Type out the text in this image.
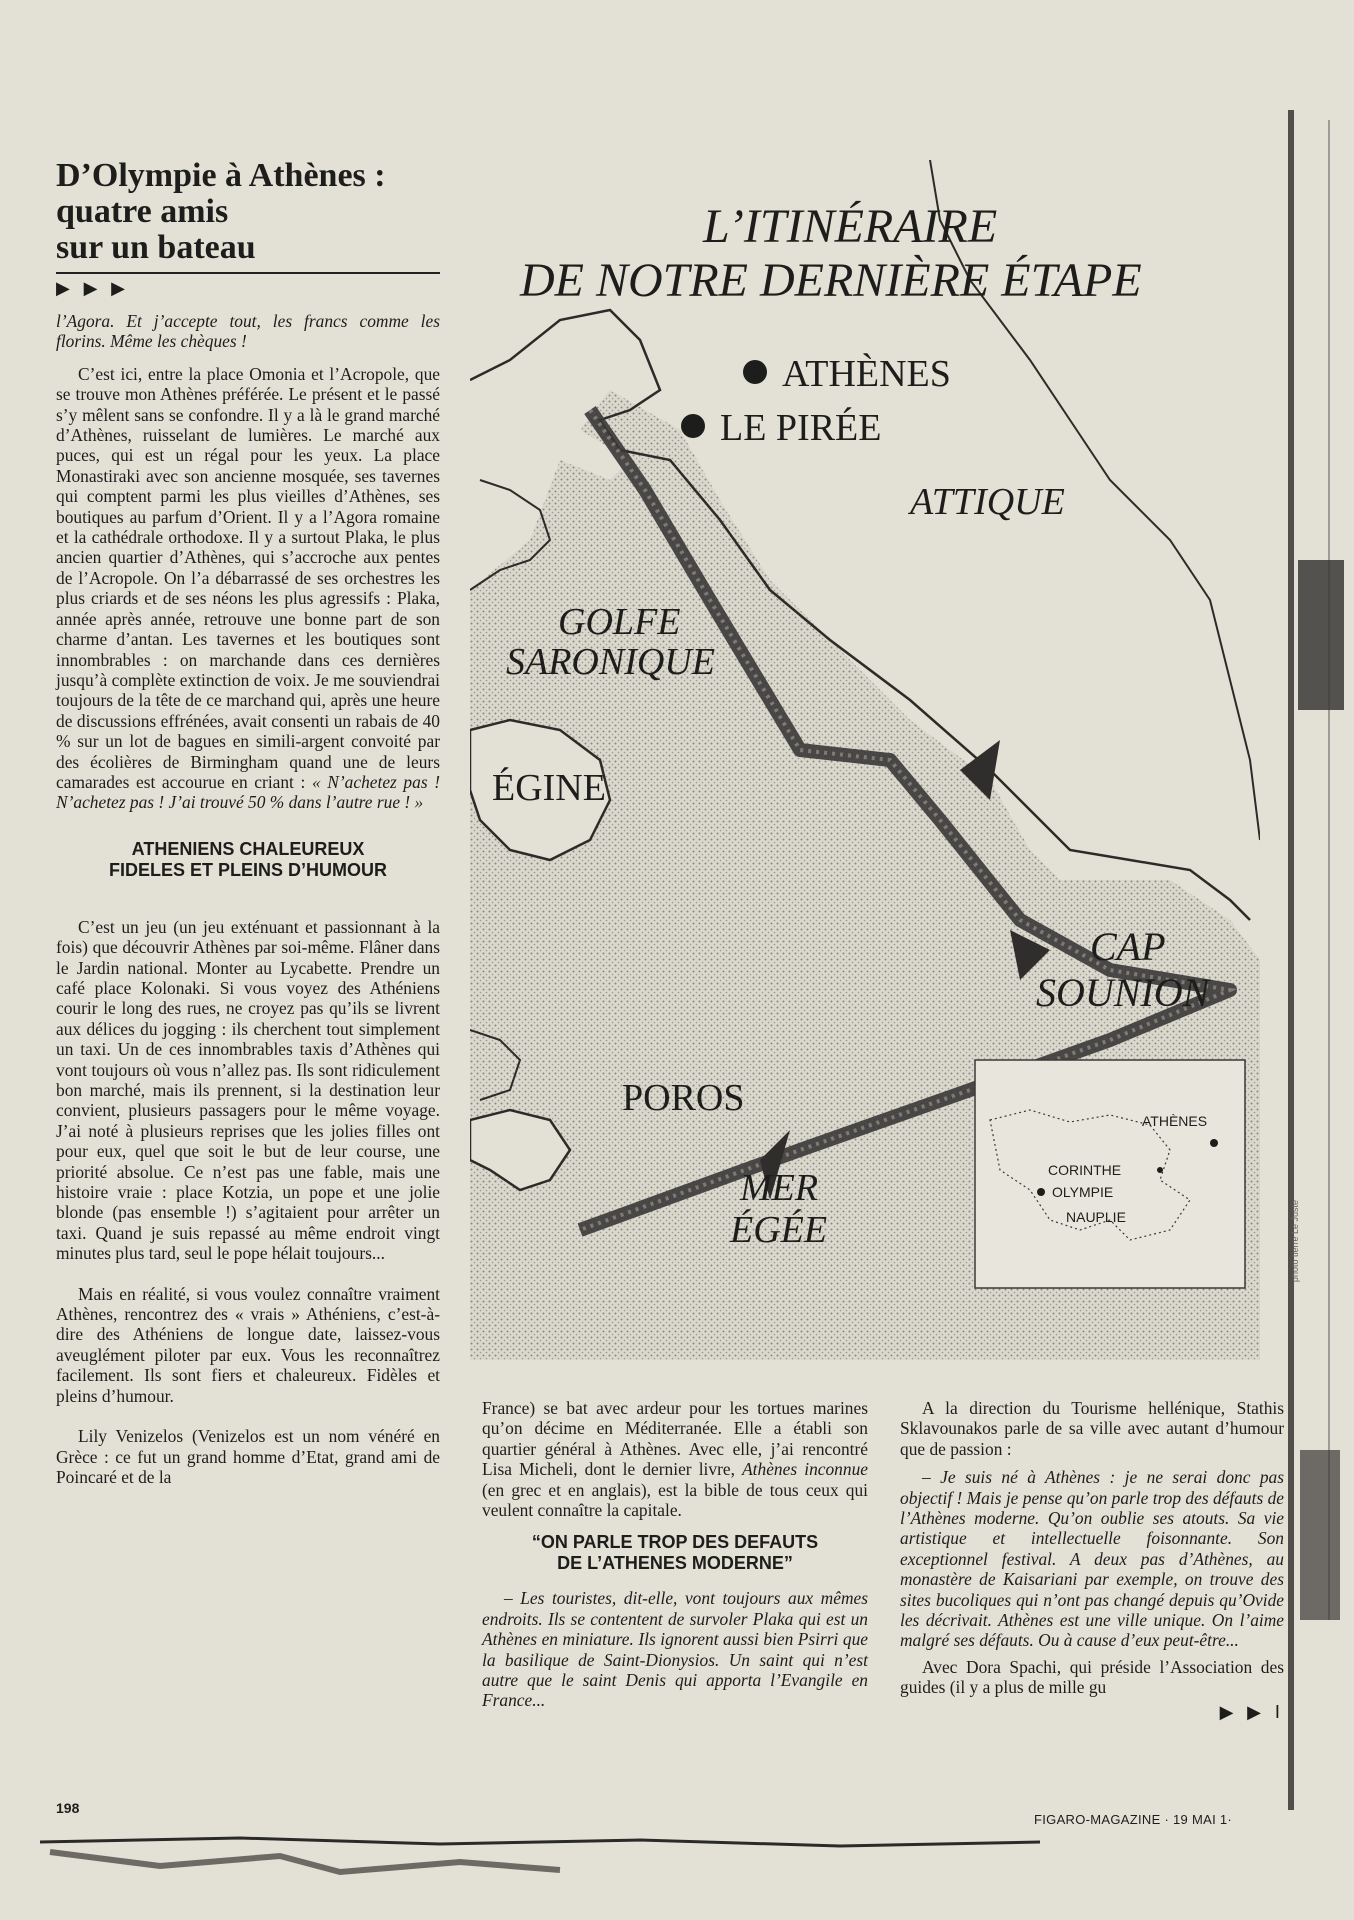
photo tierre Le Juste
D’Olympie à Athènes :
quatre amis
sur un bateau
▶ ▶ ▶

l’Agora. Et j’accepte tout, les francs comme les florins. Même les chèques !

C’est ici, entre la place Omonia et l’Acropole, que se trouve mon Athènes préférée. Le présent et le passé s’y mêlent sans se confondre. Il y a là le grand marché d’Athènes, ruisselant de lumières. Le marché aux puces, qui est un régal pour les yeux. La place Monastiraki avec son ancienne mosquée, ses tavernes qui comptent parmi les plus vieilles d’Athènes, ses boutiques au parfum d’Orient. Il y a l’Agora romaine et la cathédrale orthodoxe. Il y a surtout Plaka, le plus ancien quartier d’Athènes, qui s’accroche aux pentes de l’Acropole. On l’a débarrassé de ses orchestres les plus criards et de ses néons les plus agressifs : Plaka, année après année, retrouve une bonne part de son charme d’antan. Les tavernes et les boutiques sont innombrables : on marchande dans ces dernières jusqu’à complète extinction de voix. Je me souviendrai toujours de la tête de ce marchand qui, après une heure de discussions effrénées, avait consenti un rabais de 40 % sur un lot de bagues en simili-argent convoité par des écolières de Birmingham quand une de leurs camarades est accourue en criant : « N’achetez pas ! N’achetez pas ! J’ai trouvé 50 % dans l’autre rue ! »

ATHENIENS CHALEUREUX
FIDELES ET PLEINS D’HUMOUR

C’est un jeu (un jeu exténuant et passionnant à la fois) que découvrir Athènes par soi-même. Flâner dans le Jardin national. Monter au Lycabette. Prendre un café place Kolonaki. Si vous voyez des Athéniens courir le long des rues, ne croyez pas qu’ils se livrent aux délices du jogging : ils cherchent tout simplement un taxi. Un de ces innombrables taxis d’Athènes qui vont toujours où vous n’allez pas. Ils sont ridiculement bon marché, mais ils prennent, si la destination leur convient, plusieurs passagers pour le même voyage. J’ai noté à plusieurs reprises que les jolies filles ont pour eux, quel que soit le but de leur course, une priorité absolue. Ce n’est pas une fable, mais une histoire vraie : place Kotzia, un pope et une jolie blonde (pas ensemble !) s’agitaient pour arrêter un taxi. Quand je suis repassé au même endroit vingt minutes plus tard, seul le pope hélait toujours...

Mais en réalité, si vous voulez connaître vraiment Athènes, rencontrez des « vrais » Athéniens, c’est-à-dire des Athéniens de longue date, laissez-vous aveuglément piloter par eux. Vous les reconnaîtrez facilement. Ils sont fiers et chaleureux. Fidèles et pleins d’humour.

Lily Venizelos (Venizelos est un nom vénéré en Grèce : ce fut un grand homme d’Etat, grand ami de Poincaré et de la

L’ITINÉRAIRE
DE NOTRE DERNIÈRE ÉTAPE
ATHÈNES
LE PIRÉE
ATTIQUE
GOLFE
SARONIQUE
ÉGINE
CAP
SOUNION
POROS
MER
ÉGÉE
ATHÈNES
CORINTHE
OLYMPIE
NAUPLIE

France) se bat avec ardeur pour les tortues marines qu’on décime en Méditerranée. Elle a établi son quartier général à Athènes. Avec elle, j’ai rencontré Lisa Micheli, dont le dernier livre, Athènes inconnue (en grec et en anglais), est la bible de tous ceux qui veulent connaître la capitale.

“ON PARLE TROP DES DEFAUTS
DE L’ATHENES MODERNE”

– Les touristes, dit-elle, vont toujours aux mêmes endroits. Ils se contentent de survoler Plaka qui est un Athènes en miniature. Ils ignorent aussi bien Psirri que la basilique de Saint-Dionysios. Un saint qui n’est autre que le saint Denis qui apporta l’Evangile en France...

A la direction du Tourisme hellénique, Stathis Sklavounakos parle de sa ville avec autant d’humour que de passion :

– Je suis né à Athènes : je ne serai donc pas objectif ! Mais je pense qu’on parle trop des défauts de l’Athènes moderne. Qu’on oublie ses atouts. Sa vie artistique et intellectuelle foisonnante. Son exceptionnel festival. A deux pas d’Athènes, au monastère de Kaisariani par exemple, on trouve des sites bucoliques qui n’ont pas changé depuis qu’Ovide les décrivait. Athènes est une ville unique. On l’aime malgré ses défauts. Ou à cause d’eux peut-être...

Avec Dora Spachi, qui préside l’Association des guides (il y a plus de mille gu

▶ ▶ I
198
FIGARO-MAGAZINE · 19 MAI 1·
